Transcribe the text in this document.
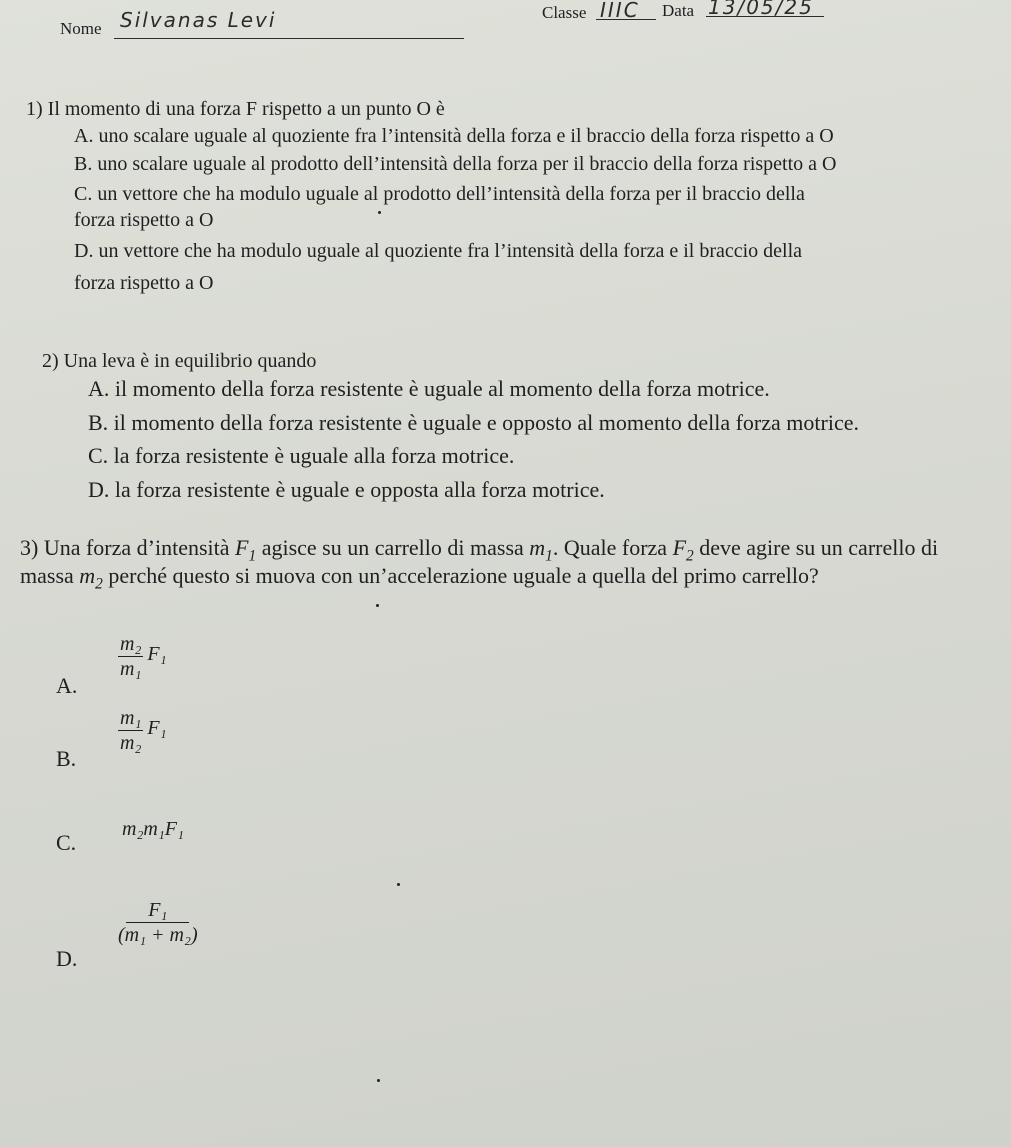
Nome Silvanas Levi	Classe IIIC Data 13/05/25
1) Il momento di una forza F rispetto a un punto O è
A. uno scalare uguale al quoziente fra l’intensità della forza e il braccio della forza rispetto a O
B. uno scalare uguale al prodotto dell’intensità della forza per il braccio della forza rispetto a O
C. un vettore che ha modulo uguale al prodotto dell’intensità della forza per il braccio della
forza rispetto a O
D. un vettore che ha modulo uguale al quoziente fra l’intensità della forza e il braccio della
forza rispetto a O
2) Una leva è in equilibrio quando
A. il momento della forza resistente è uguale al momento della forza motrice.
B. il momento della forza resistente è uguale e opposto al momento della forza motrice.
C. la forza resistente è uguale alla forza motrice.
D. la forza resistente è uguale e opposta alla forza motrice.
3) Una forza d’intensità $F_1$ agisce su un carrello di massa $m_1$. Quale forza $F_2$ deve agire su un carrello di
massa $m_2$ perché questo si muova con un’accelerazione uguale a quella del primo carrello?
A.
$\frac{\text{m₂}}{\text{m₁}} F_1$
B.
$\frac{\text{m₁}}{\text{m₂}} F_1$
C.
m₂m₁F₁
D.
$\frac{\text{F₁}}{\text{(m₁ + m₂)}}$
